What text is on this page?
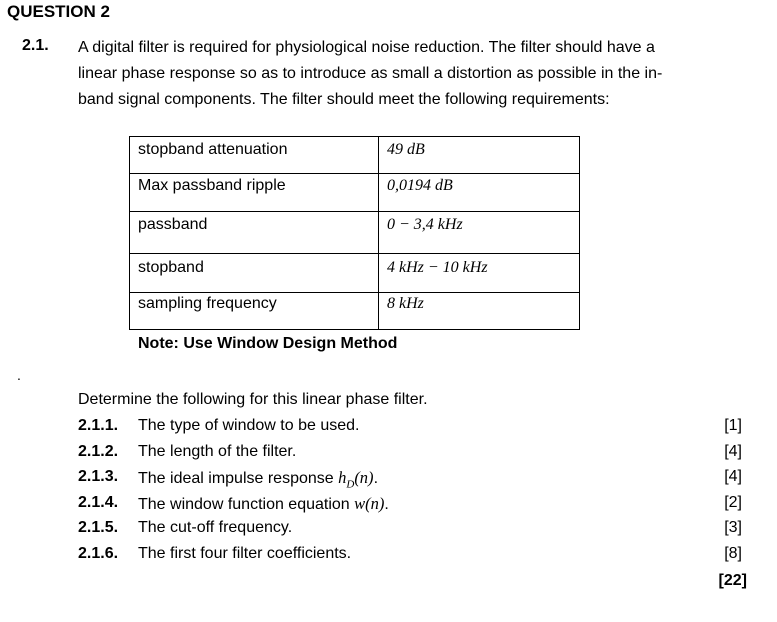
QUESTION 2
2.1. A digital filter is required for physiological noise reduction. The filter should have a
linear phase response so as to introduce as small a distortion as possible in the in-
band signal components. The filter should meet the following requirements:
stopband attenuation	49 dB
Max passband ripple	0,0194 dB
passband	0 − 3,4 kHz
stopband	4 kHz − 10 kHz
sampling frequency	8 kHz
Note: Use Window Design Method
.
Determine the following for this linear phase filter.
2.1.1. The type of window to be used.	[1]
2.1.2. The length of the filter.	[4]
2.1.3. The ideal impulse response $h_D(n)$.	[4]
2.1.4. The window function equation w(n).	[2]
2.1.5. The cut-off frequency.	[3]
2.1.6. The first four filter coefficients.	[8]
[22]
